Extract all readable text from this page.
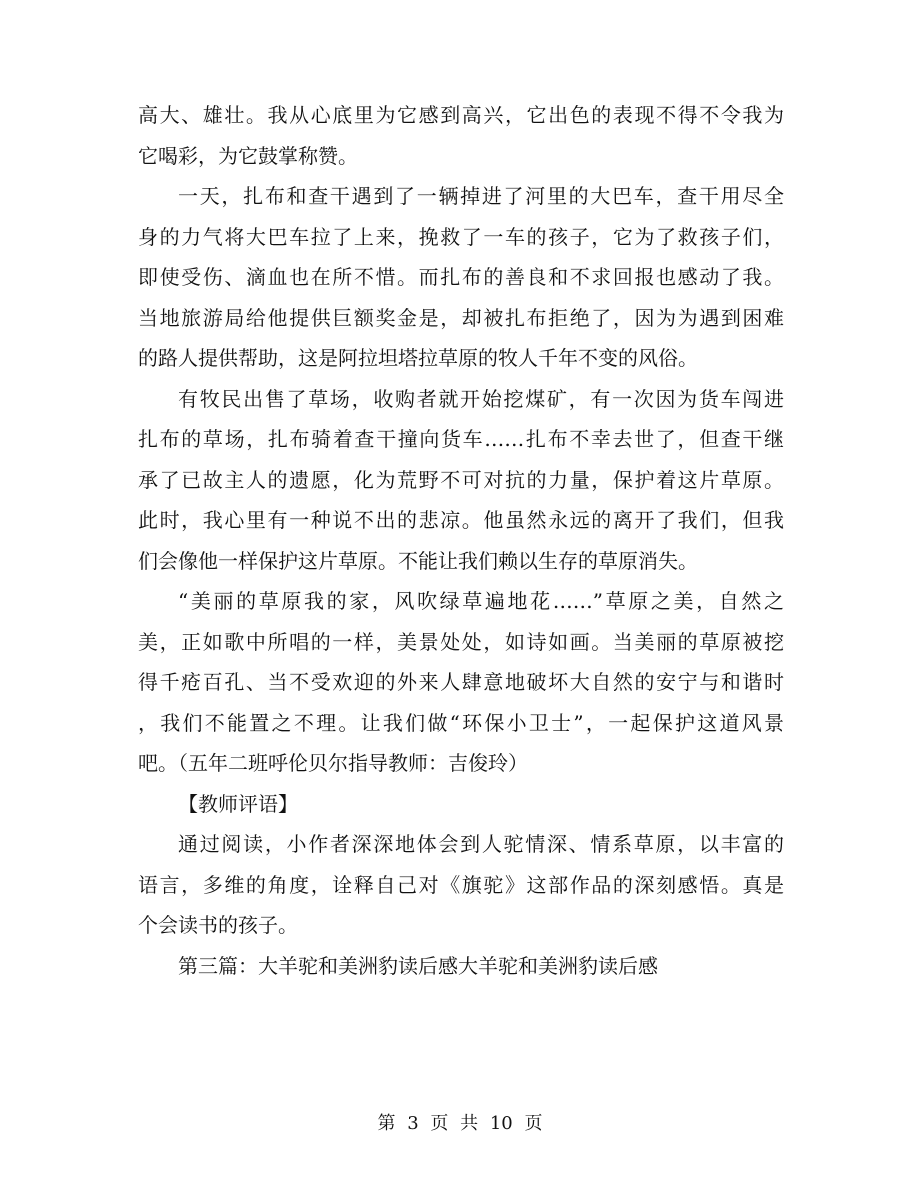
高大、雄壮。我从心底里为它感到高兴，它出色的表现不得不令我为
它喝彩，为它鼓掌称赞。
一天，扎布和查干遇到了一辆掉进了河里的大巴车，查干用尽全
身的力气将大巴车拉了上来，挽救了一车的孩子，它为了救孩子们，
即使受伤、滴血也在所不惜。而扎布的善良和不求回报也感动了我。
当地旅游局给他提供巨额奖金是，却被扎布拒绝了，因为为遇到困难
的路人提供帮助，这是阿拉坦塔拉草原的牧人千年不变的风俗。
有牧民出售了草场，收购者就开始挖煤矿，有一次因为货车闯进
扎布的草场，扎布骑着查干撞向货车……扎布不幸去世了，但查干继
承了已故主人的遗愿，化为荒野不可对抗的力量，保护着这片草原。
此时，我心里有一种说不出的悲凉。他虽然永远的离开了我们，但我
们会像他一样保护这片草原。不能让我们赖以生存的草原消失。
“美丽的草原我的家，风吹绿草遍地花……”草原之美，自然之
美，正如歌中所唱的一样，美景处处，如诗如画。当美丽的草原被挖
得千疮百孔、当不受欢迎的外来人肆意地破坏大自然的安宁与和谐时
，我们不能置之不理。让我们做“环保小卫士”，一起保护这道风景
吧。（五年二班呼伦贝尔指导教师：吉俊玲）
【教师评语】
通过阅读，小作者深深地体会到人驼情深、情系草原，以丰富的
语言，多维的角度，诠释自己对《旗驼》这部作品的深刻感悟。真是
个会读书的孩子。
第三篇：大羊驼和美洲豹读后感大羊驼和美洲豹读后感
第 3 页 共 10 页
